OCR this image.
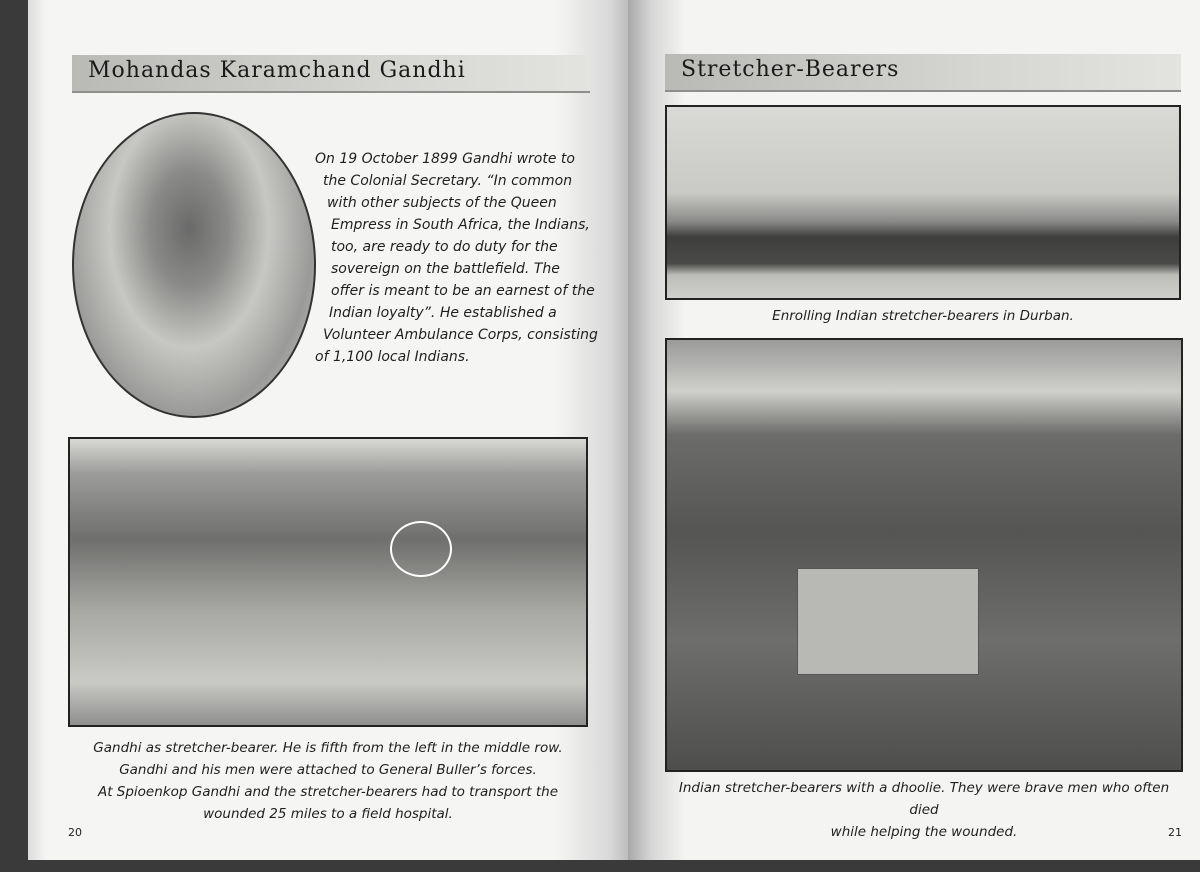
Mohandas Karamchand Gandhi
On 19 October 1899 Gandhi wrote to
the Colonial Secretary. “In common
with other subjects of the Queen
Empress in South Africa, the Indians,
too, are ready to do duty for the
sovereign on the battlefield. The
offer is meant to be an earnest of the
Indian loyalty”. He established a
Volunteer Ambulance Corps, consisting
of 1,100 local Indians.
Gandhi as stretcher-bearer. He is fifth from the left in the middle row.
Gandhi and his men were attached to General Buller’s forces.
At Spioenkop Gandhi and the stretcher-bearers had to transport the
wounded 25 miles to a field hospital.
20
Stretcher-Bearers
Enrolling Indian stretcher-bearers in Durban.
Indian stretcher-bearers with a dhoolie. They were brave men who often died
while helping the wounded.	21
